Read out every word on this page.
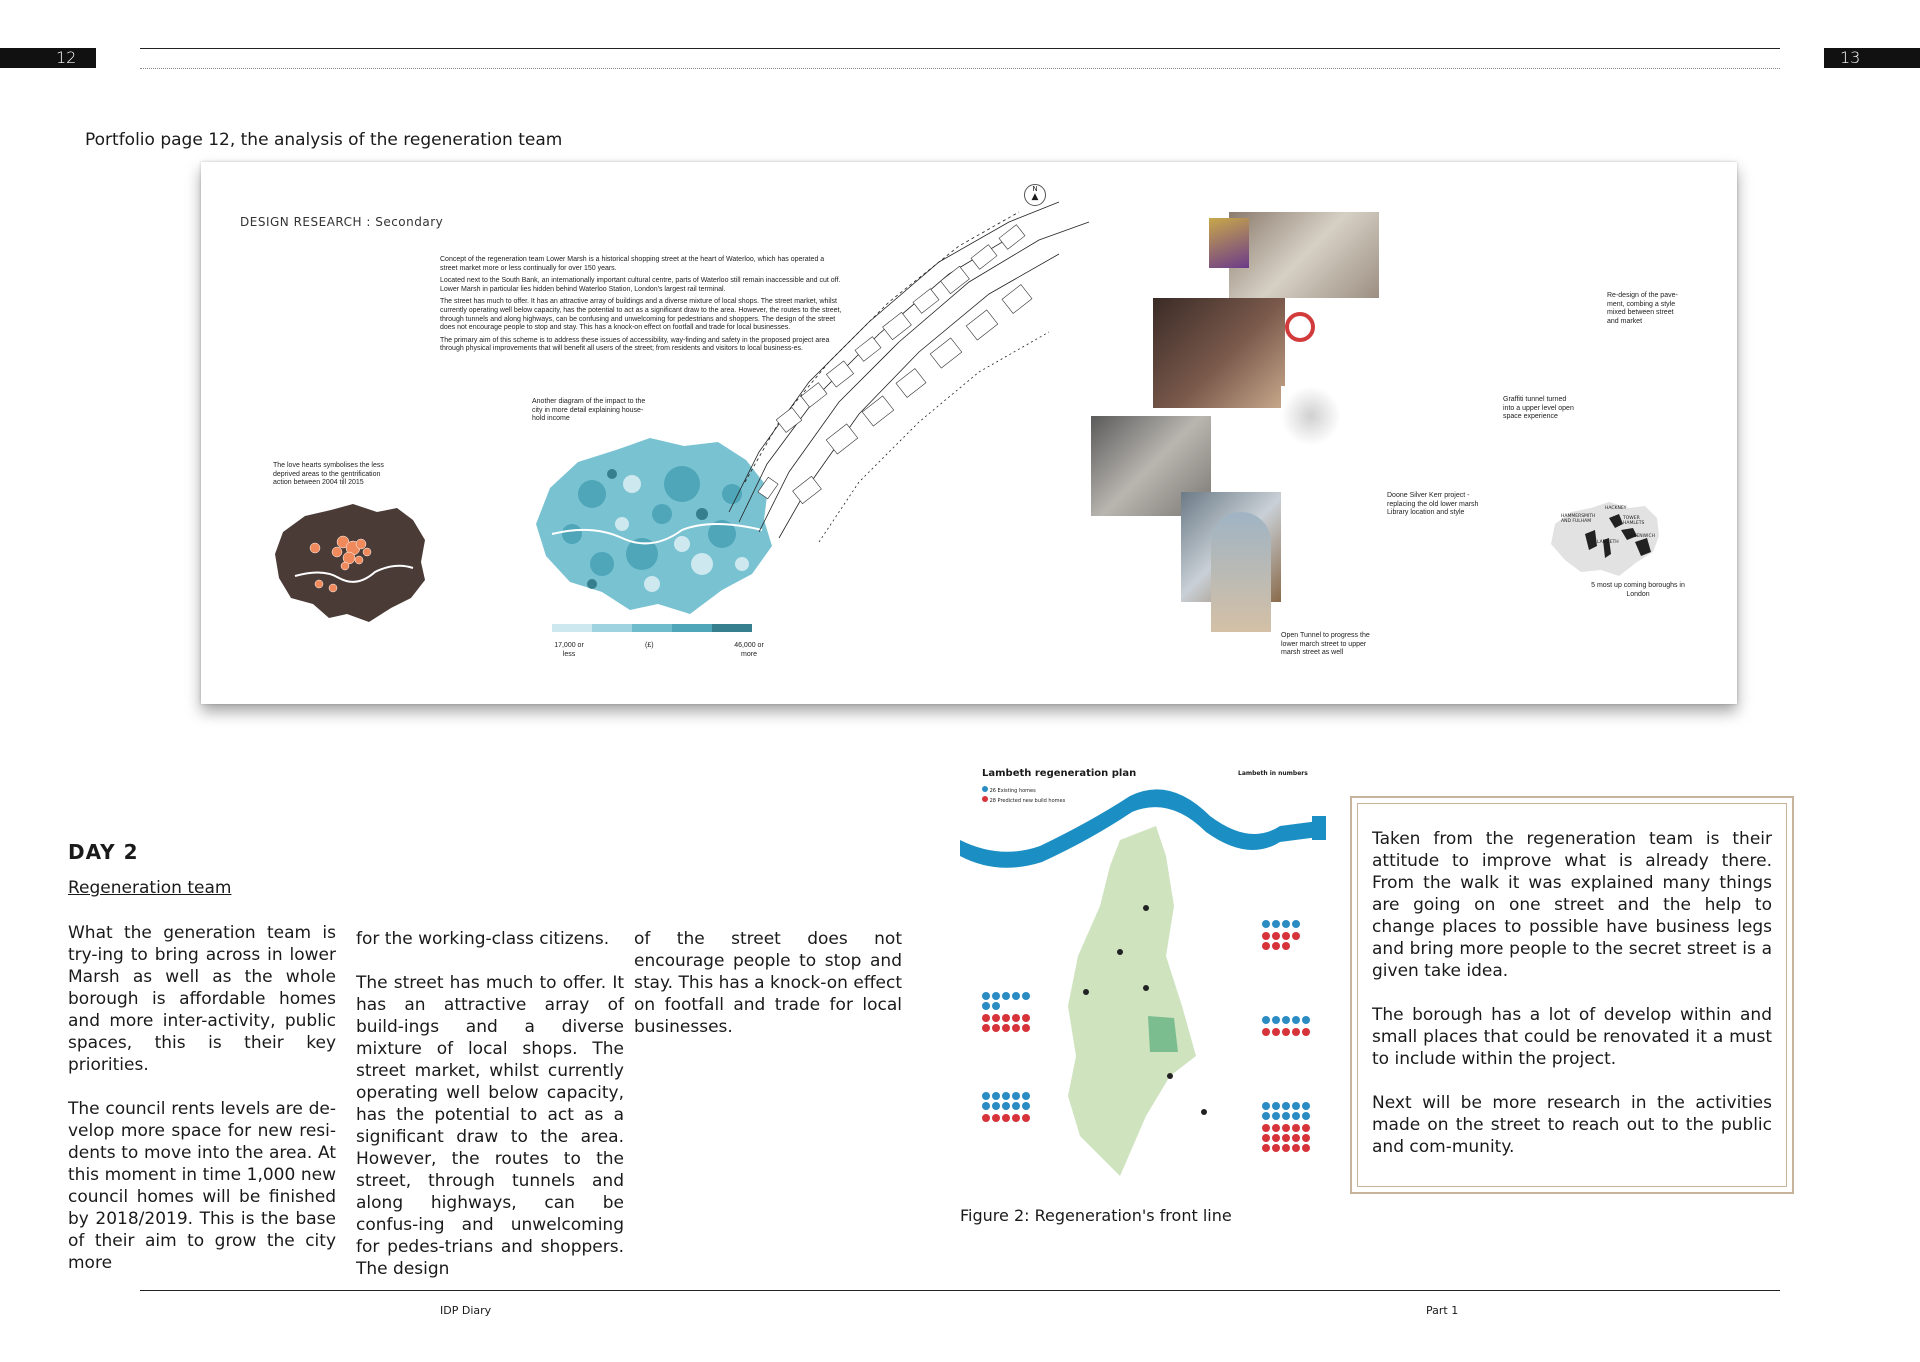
12	13
Portfolio page 12, the analysis of the regeneration team
DESIGN RESEARCH : Secondary

Concept of the regeneration team Lower Marsh is a historical shopping street at the heart of Waterloo, which has operated a street market more or less continually for over 150 years.

Located next to the South Bank, an internationally important cultural centre, parts of Waterloo still remain inaccessible and cut off. Lower Marsh in particular lies hidden behind Waterloo Station, London's largest rail terminal.

The street has much to offer. It has an attractive array of buildings and a diverse mixture of local shops. The street market, whilst currently operating well below capacity, has the potential to act as a significant draw to the area. However, the routes to the street, through tunnels and along highways, can be confusing and unwelcoming for pedestrians and shoppers. The design of the street does not encourage people to stop and stay. This has a knock-on effect on footfall and trade for local businesses.

The primary aim of this scheme is to address these issues of accessibility, way-finding and safety in the proposed project area through physical improvements that will benefit all users of the street; from residents and visitors to local business-es.

The love hearts symbolises the less deprived areas to the gentrification action between 2004 till 2015
Another diagram of the impact to the city in more detail explaining house-hold income
17,000 or less
(£)	46,000 or more
N
▲
Re-design of the pave-ment, combing a style mixed between street and market
Graffiti tunnel turned into a upper level open space experience
Doone Silver Kerr project - replacing the old lower marsh Library location and style
Open Tunnel to progress the lower march street to upper marsh street as well
HACKNEY
HAMMERSMITH AND FULHAM
TOWER HAMLETS
GREENWICH
LAMBETH
5 most up coming boroughs in London
DAY 2
Regeneration team

What the generation team is try-ing to bring across in lower Marsh as well as the whole borough is affordable homes and more inter-activity, public spaces, this is their key priorities.

The council rents levels are de-velop more space for new resi-dents to move into the area. At this moment in time 1,000 new council homes will be finished by 2018/2019. This is the base of their aim to grow the city more

for the working-class citizens.

The street has much to offer. It has an attractive array of build-ings and a diverse mixture of local shops. The street market, whilst currently operating well below capacity, has the potential to act as a significant draw to the area. However, the routes to the street, through tunnels and along highways, can be confus-ing and unwelcoming for pedes-trians and shoppers. The design

of the street does not encourage people to stop and stay. This has a knock-on effect on footfall and trade for local businesses.

Lambeth regeneration plan
26 Existing homes
28 Predicted new build homes
Lambeth in numbers
Figure 2: Regeneration's front line

Taken from the regeneration team is their attitude to improve what is already there. From the walk it was explained many things are going on one street and the help to change places to possible have business legs and bring more people to the secret street is a given take idea.

The borough has a lot of develop within and small places that could be renovated it a must to include within the project.

Next will be more research in the activities made on the street to reach out to the public and com-munity.

IDP Diary	Part 1
